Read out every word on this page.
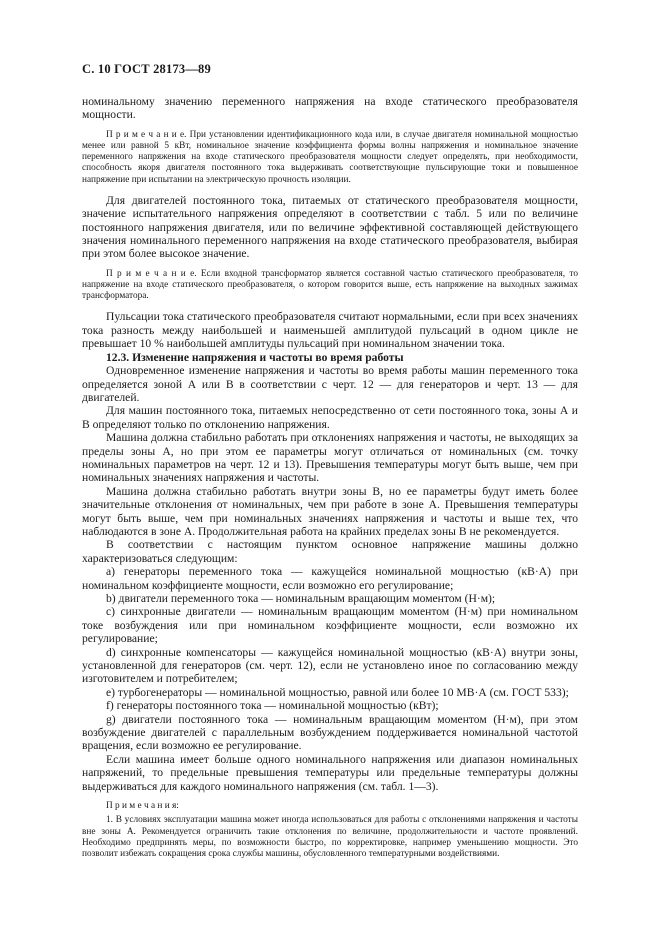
С. 10 ГОСТ 28173—89

номинальному значению переменного напряжения на входе статического преобразователя мощности.

П р и м е ч а н и е. При установлении идентификационного кода или, в случае двигателя номинальной мощностью менее или равной 5 кВт, номинальное значение коэффициента формы волны напряжения и номинальное значение переменного напряжения на входе статического преобразователя мощности следует определять, при необходимости, способность якоря двигателя постоянного тока выдерживать соответствующие пульсирующие токи и повышенное напряжение при испытании на электрическую прочность изоляции.

Для двигателей постоянного тока, питаемых от статического преобразователя мощности, значение испытательного напряжения определяют в соответствии с табл. 5 или по величине постоянного напряжения двигателя, или по величине эффективной составляющей действующего значения номинального переменного напряжения на входе статического преобразователя, выбирая при этом более высокое значение.

П р и м е ч а н и е. Если входной трансформатор является составной частью статического преобразователя, то напряжение на входе статического преобразователя, о котором говорится выше, есть напряжение на выходных зажимах трансформатора.

Пульсации тока статического преобразователя считают нормальными, если при всех значениях тока разность между наибольшей и наименьшей амплитудой пульсаций в одном цикле не превышает 10 % наибольшей амплитуды пульсаций при номинальном значении тока.

12.3. Изменение напряжения и частоты во время работы

Одновременное изменение напряжения и частоты во время работы машин переменного тока определяется зоной А или В в соответствии с черт. 12 — для генераторов и черт. 13 — для двигателей.

Для машин постоянного тока, питаемых непосредственно от сети постоянного тока, зоны А и В определяют только по отклонению напряжения.

Машина должна стабильно работать при отклонениях напряжения и частоты, не выходящих за пределы зоны А, но при этом ее параметры могут отличаться от номинальных (см. точку номинальных параметров на черт. 12 и 13). Превышения температуры могут быть выше, чем при номинальных значениях напряжения и частоты.

Машина должна стабильно работать внутри зоны В, но ее параметры будут иметь более значительные отклонения от номинальных, чем при работе в зоне А. Превышения температуры могут быть выше, чем при номинальных значениях напряжения и частоты и выше тех, что наблюдаются в зоне А. Продолжительная работа на крайних пределах зоны В не рекомендуется.

В соответствии с настоящим пунктом основное напряжение машины должно характеризоваться следующим:

а) генераторы переменного тока — кажущейся номинальной мощностью (кВ·А) при номинальном коэффициенте мощности, если возможно его регулирование;

b) двигатели переменного тока — номинальным вращающим моментом (Н·м);

c) синхронные двигатели — номинальным вращающим моментом (Н·м) при номинальном токе возбуждения или при номинальном коэффициенте мощности, если возможно их регулирование;

d) синхронные компенсаторы — кажущейся номинальной мощностью (кВ·А) внутри зоны, установленной для генераторов (см. черт. 12), если не установлено иное по согласованию между изготовителем и потребителем;

е) турбогенераторы — номинальной мощностью, равной или более 10 МВ·А (см. ГОСТ 533);

f) генераторы постоянного тока — номинальной мощностью (кВт);

g) двигатели постоянного тока — номинальным вращающим моментом (Н·м), при этом возбуждение двигателей с параллельным возбуждением поддерживается номинальной частотой вращения, если возможно ее регулирование.

Если машина имеет больше одного номинального напряжения или диапазон номинальных напряжений, то предельные превышения температуры или предельные температуры должны выдерживаться для каждого номинального напряжения (см. табл. 1—3).

П р и м е ч а н и я:

1. В условиях эксплуатации машина может иногда использоваться для работы с отклонениями напряжения и частоты вне зоны А. Рекомендуется ограничить такие отклонения по величине, продолжительности и частоте проявлений. Необходимо предпринять меры, по возможности быстро, по корректировке, например уменьшению мощности. Это позволит избежать сокращения срока службы машины, обусловленного температурными воздействиями.
